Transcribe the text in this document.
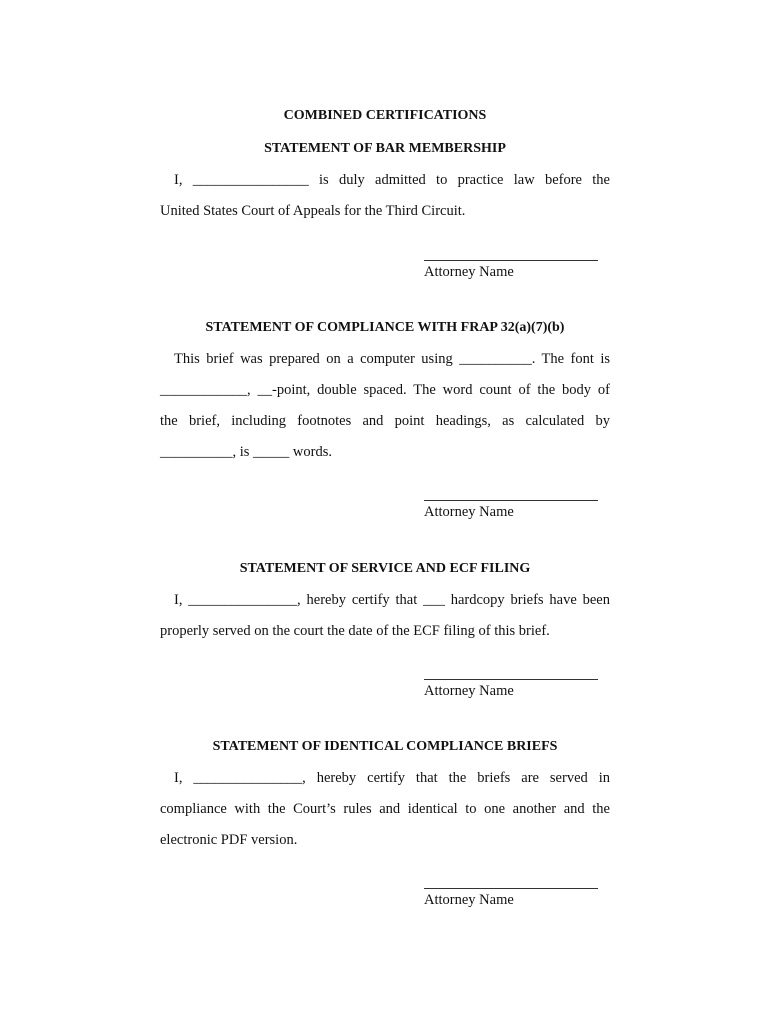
COMBINED CERTIFICATIONS
STATEMENT OF BAR MEMBERSHIP
I, ________________ is duly admitted to practice law before the
United States Court of Appeals for the Third Circuit.
Attorney Name
STATEMENT OF COMPLIANCE WITH FRAP 32(a)(7)(b)
This brief was prepared on a computer using __________. The font is
____________, __-point, double spaced. The word count of the body of
the brief, including footnotes and point headings, as calculated by
__________, is _____ words.
Attorney Name
STATEMENT OF SERVICE AND ECF FILING
I, _______________, hereby certify that ___ hardcopy briefs have been
properly served on the court the date of the ECF filing of this brief.
Attorney Name
STATEMENT OF IDENTICAL COMPLIANCE BRIEFS
I, _______________, hereby certify that the briefs are served in
compliance with the Court’s rules and identical to one another and the
electronic PDF version.
Attorney Name
